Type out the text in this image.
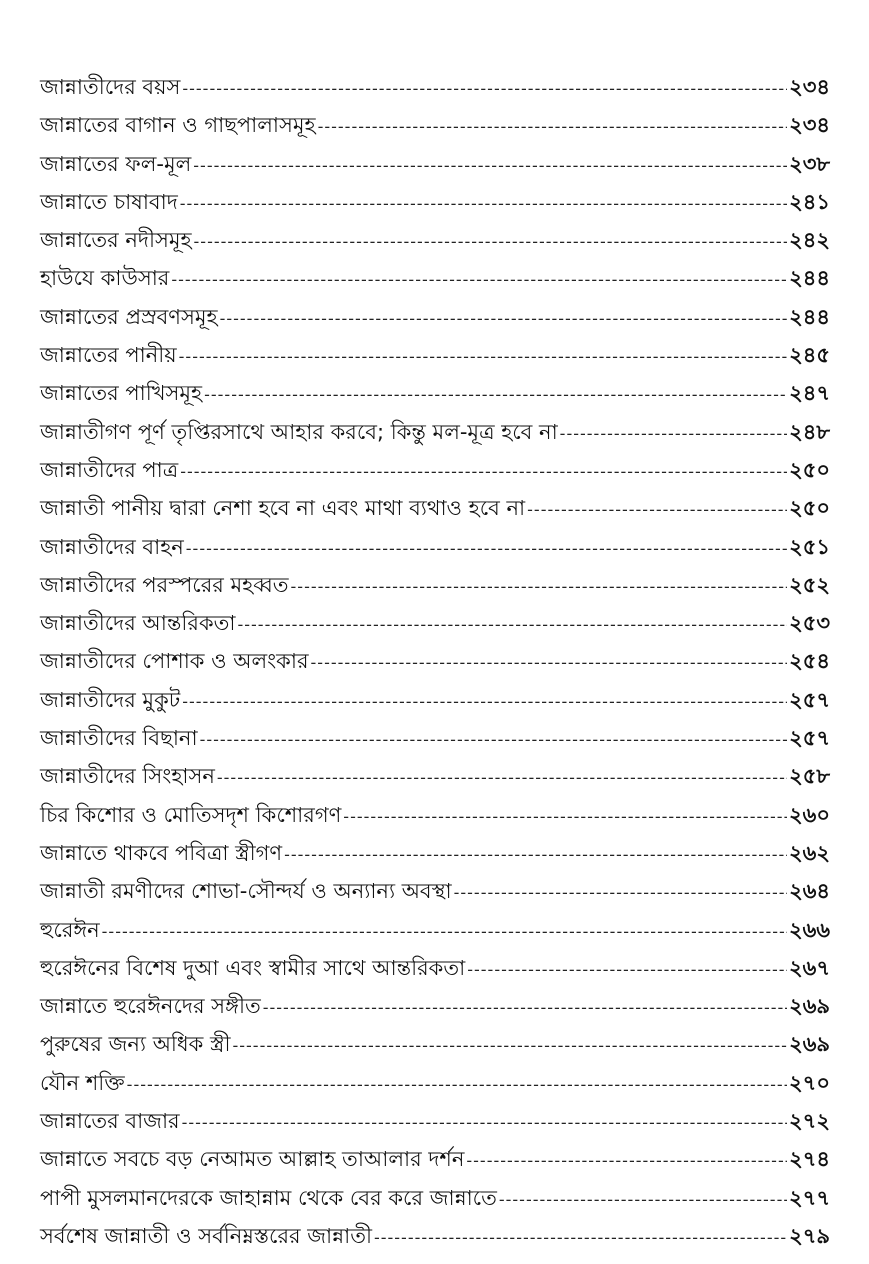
জান্নাতীদের বয়স -----	২৩৪
জান্নাতের বাগান ও গাছপালাসমূহ -----	২৩৪
জান্নাতের ফল-মূল -----	২৩৮
জান্নাতে চাষাবাদ -----	২৪১
জান্নাতের নদীসমূহ -----	২৪২
হাউযে কাউসার -----	২৪৪
জান্নাতের প্রস্রবণসমূহ -----	২৪৪
জান্নাতের পানীয় -----	২৪৫
জান্নাতের পাখিসমূহ -----	২৪৭
জান্নাতীগণ পূর্ণ তৃপ্তিরসাথে আহার করবে; কিন্তু মল-মূত্র হবে না -----	২৪৮
জান্নাতীদের পাত্র -----	২৫০
জান্নাতী পানীয় দ্বারা নেশা হবে না এবং মাথা ব্যথাও হবে না -----	২৫০
জান্নাতীদের বাহন -----	২৫১
জান্নাতীদের পরস্পরের মহব্বত -----	২৫২
জান্নাতীদের আন্তরিকতা -----	২৫৩
জান্নাতীদের পোশাক ও অলংকার -----	২৫৪
জান্নাতীদের মুকুট -----	২৫৭
জান্নাতীদের বিছানা -----	২৫৭
জান্নাতীদের সিংহাসন -----	২৫৮
চির কিশোর ও মোতিসদৃশ কিশোরগণ -----	২৬০
জান্নাতে থাকবে পবিত্রা স্ত্রীগণ -----	২৬২
জান্নাতী রমণীদের শোভা-সৌন্দর্য ও অন্যান্য অবস্থা -----	২৬৪
হুরেঈন -----	২৬৬
হুরেঈনের বিশেষ দুআ এবং স্বামীর সাথে আন্তরিকতা -----	২৬৭
জান্নাতে হুরেঈনদের সঙ্গীত -----	২৬৯
পুরুষের জন্য অধিক স্ত্রী -----	২৬৯
যৌন শক্তি -----	২৭০
জান্নাতের বাজার -----	২৭২
জান্নাতে সবচে বড় নেআমত আল্লাহ তাআলার দর্শন -----	২৭৪
পাপী মুসলমানদেরকে জাহান্নাম থেকে বের করে জান্নাতে -----	২৭৭
সর্বশেষ জান্নাতী ও সর্বনিম্নস্তরের জান্নাতী -----	২৭৯
